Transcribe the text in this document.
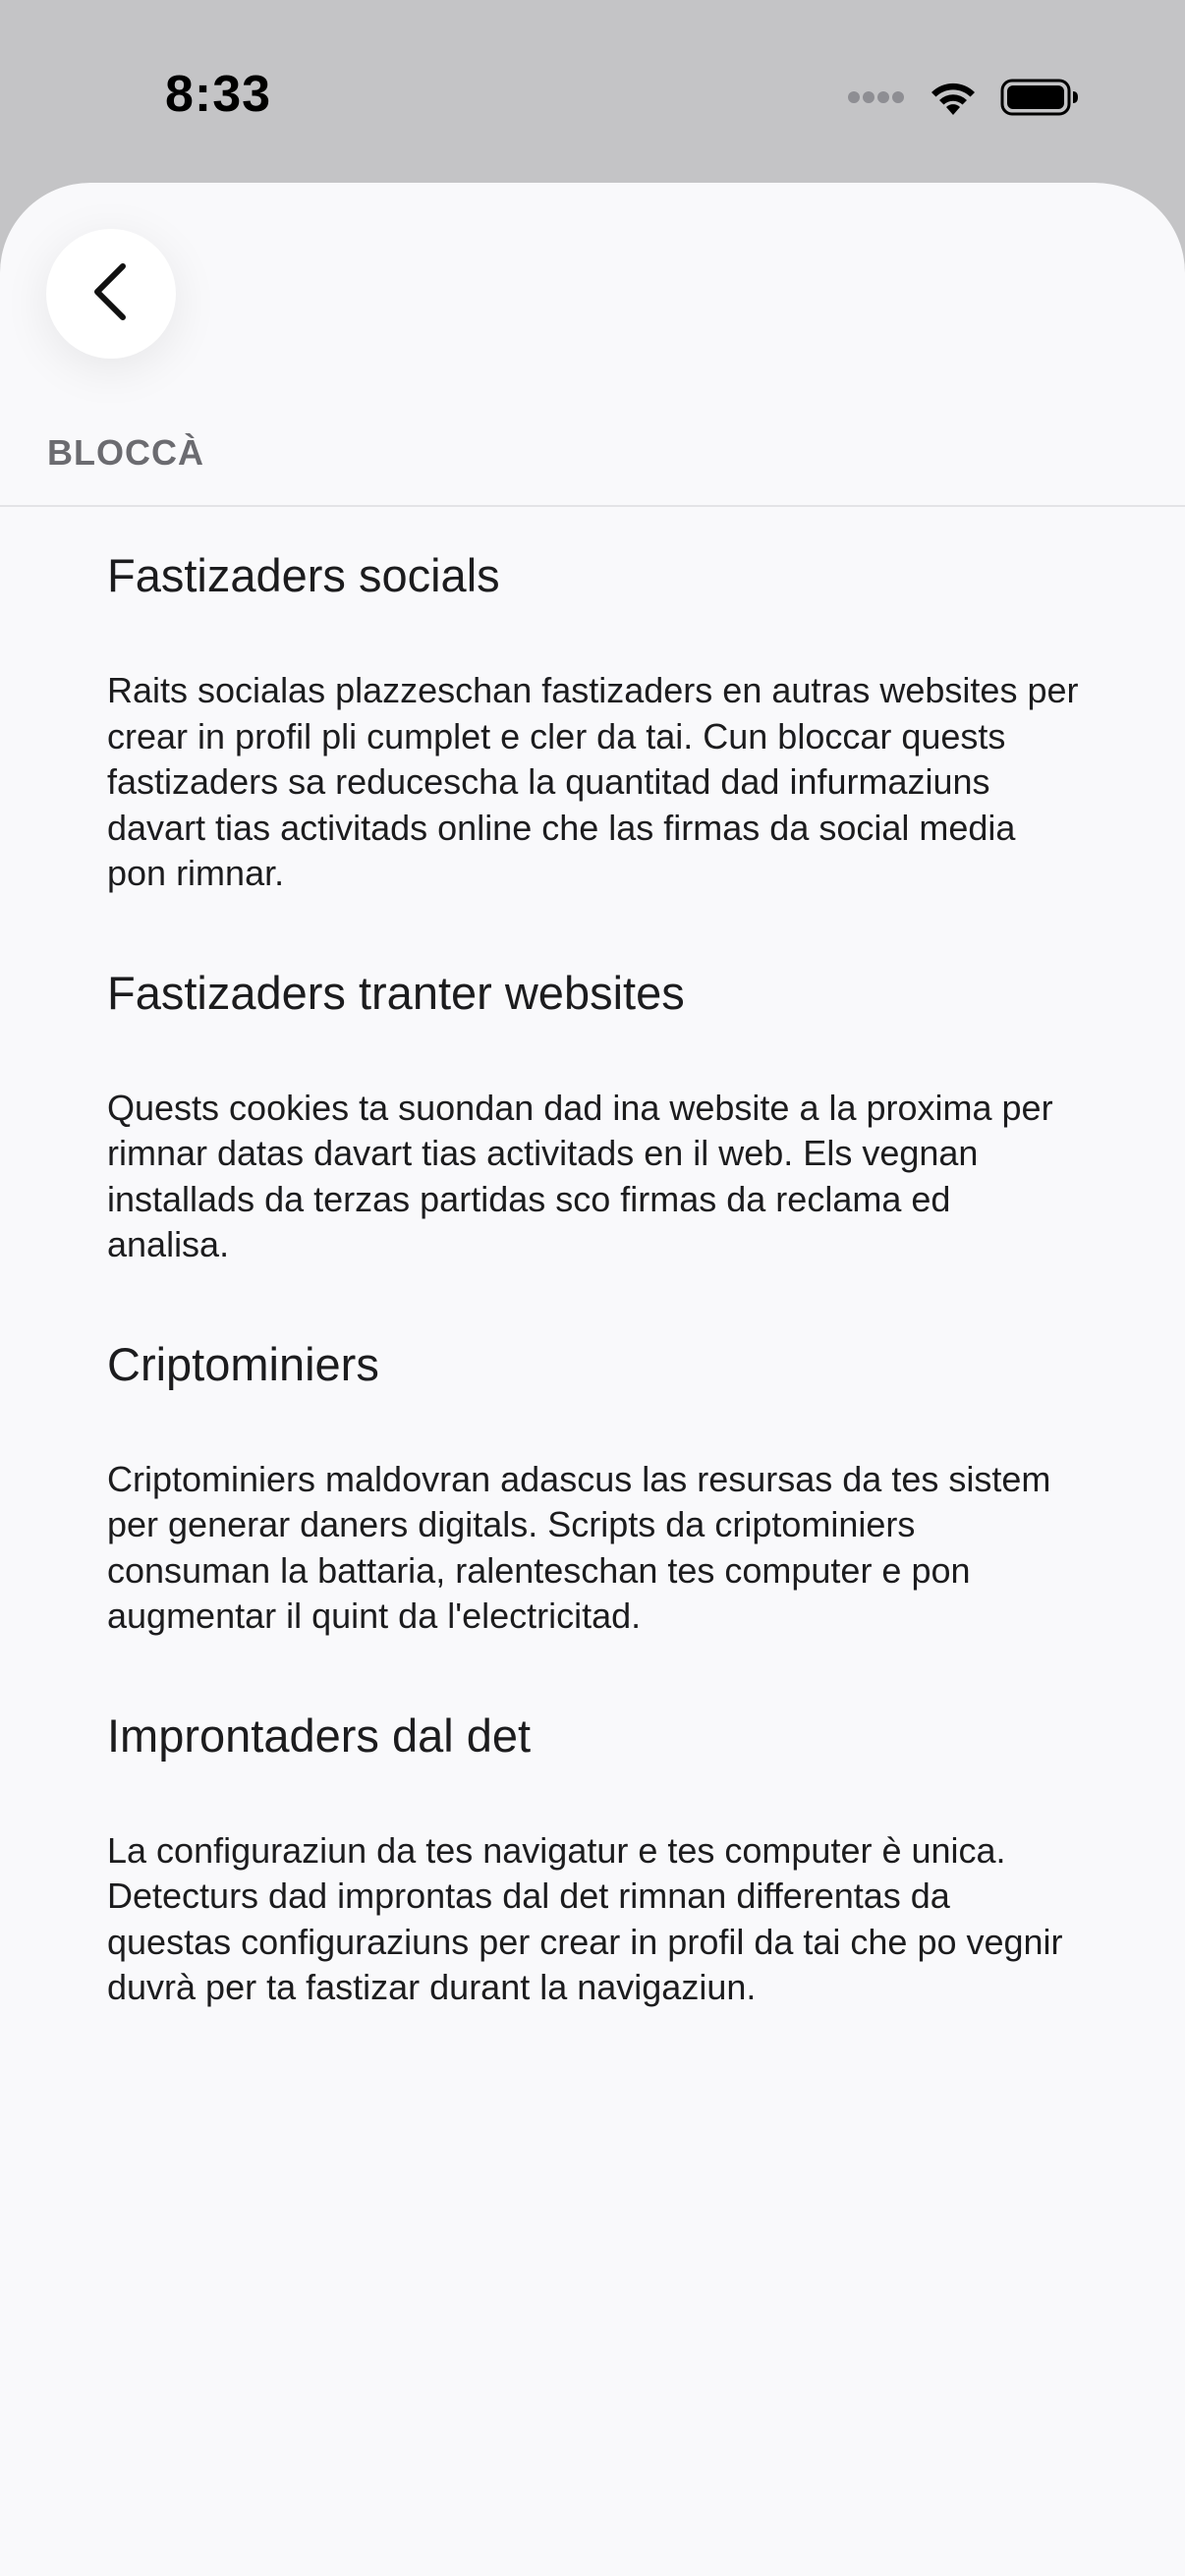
8:33
BLOCCÀ
Fastizaders socials

Raits socialas plazzeschan fastizaders en autras websites per crear in profil pli cumplet e cler da tai. Cun bloccar quests fastizaders sa reducescha la quantitad dad infurmaziuns davart tias activitads online che las firmas da social media pon rimnar.

Fastizaders tranter websites

Quests cookies ta suondan dad ina website a la proxima per rimnar datas davart tias activitads en il web. Els vegnan installads da terzas partidas sco firmas da reclama ed analisa.

Criptominiers

Criptominiers maldovran adascus las resursas da tes sistem per generar daners digitals. Scripts da criptominiers consuman la battaria, ralenteschan tes computer e pon augmentar il quint da l'electricitad.

Improntaders dal det

La configuraziun da tes navigatur e tes computer è unica. Detecturs dad improntas dal det rimnan differentas da questas configuraziuns per crear in profil da tai che po vegnir duvrà per ta fastizar durant la navigaziun.
